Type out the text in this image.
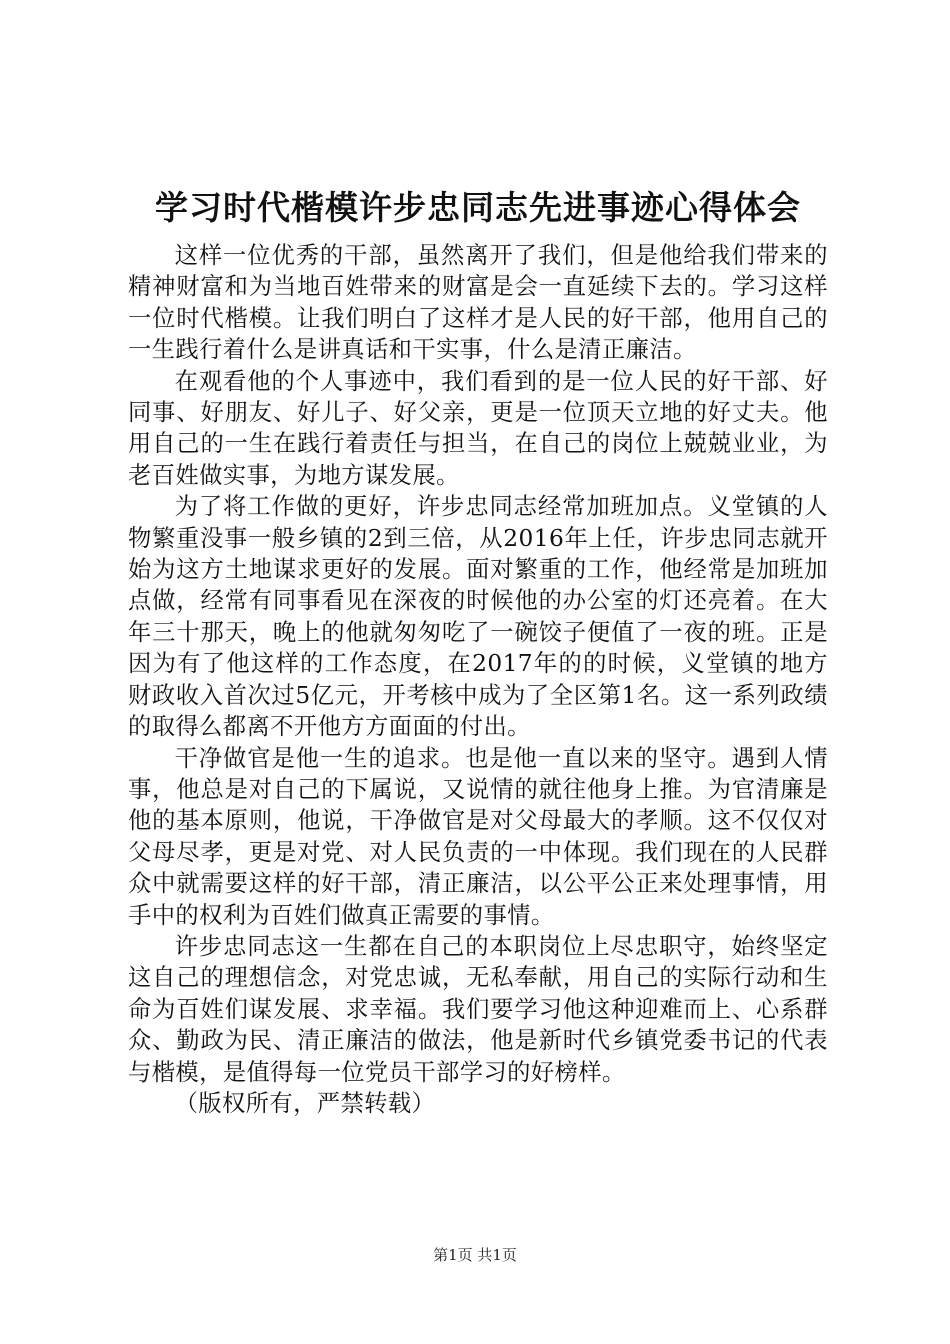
学习时代楷模许步忠同志先进事迹心得体会

这样一位优秀的干部，虽然离开了我们，但是他给我们带来的精神财富和为当地百姓带来的财富是会一直延续下去的。学习这样一位时代楷模。让我们明白了这样才是人民的好干部，他用自己的一生践行着什么是讲真话和干实事，什么是清正廉洁。

在观看他的个人事迹中，我们看到的是一位人民的好干部、好同事、好朋友、好儿子、好父亲，更是一位顶天立地的好丈夫。他用自己的一生在践行着责任与担当，在自己的岗位上兢兢业业，为老百姓做实事，为地方谋发展。

为了将工作做的更好，许步忠同志经常加班加点。义堂镇的人物繁重没事一般乡镇的2到三倍，从2016年上任，许步忠同志就开始为这方土地谋求更好的发展。面对繁重的工作，他经常是加班加点做，经常有同事看见在深夜的时候他的办公室的灯还亮着。在大年三十那天，晚上的他就匆匆吃了一碗饺子便值了一夜的班。正是因为有了他这样的工作态度，在2017年的的时候，义堂镇的地方财政收入首次过5亿元，开考核中成为了全区第1名。这一系列政绩的取得么都离不开他方方面面的付出。

干净做官是他一生的追求。也是他一直以来的坚守。遇到人情事，他总是对自己的下属说，又说情的就往他身上推。为官清廉是他的基本原则，他说，干净做官是对父母最大的孝顺。这不仅仅对父母尽孝，更是对党、对人民负责的一中体现。我们现在的人民群众中就需要这样的好干部，清正廉洁，以公平公正来处理事情，用手中的权利为百姓们做真正需要的事情。

许步忠同志这一生都在自己的本职岗位上尽忠职守，始终坚定这自己的理想信念，对党忠诚，无私奉献，用自己的实际行动和生命为百姓们谋发展、求幸福。我们要学习他这种迎难而上、心系群众、勤政为民、清正廉洁的做法，他是新时代乡镇党委书记的代表与楷模，是值得每一位党员干部学习的好榜样。

（版权所有，严禁转载）

第1页 共1页
